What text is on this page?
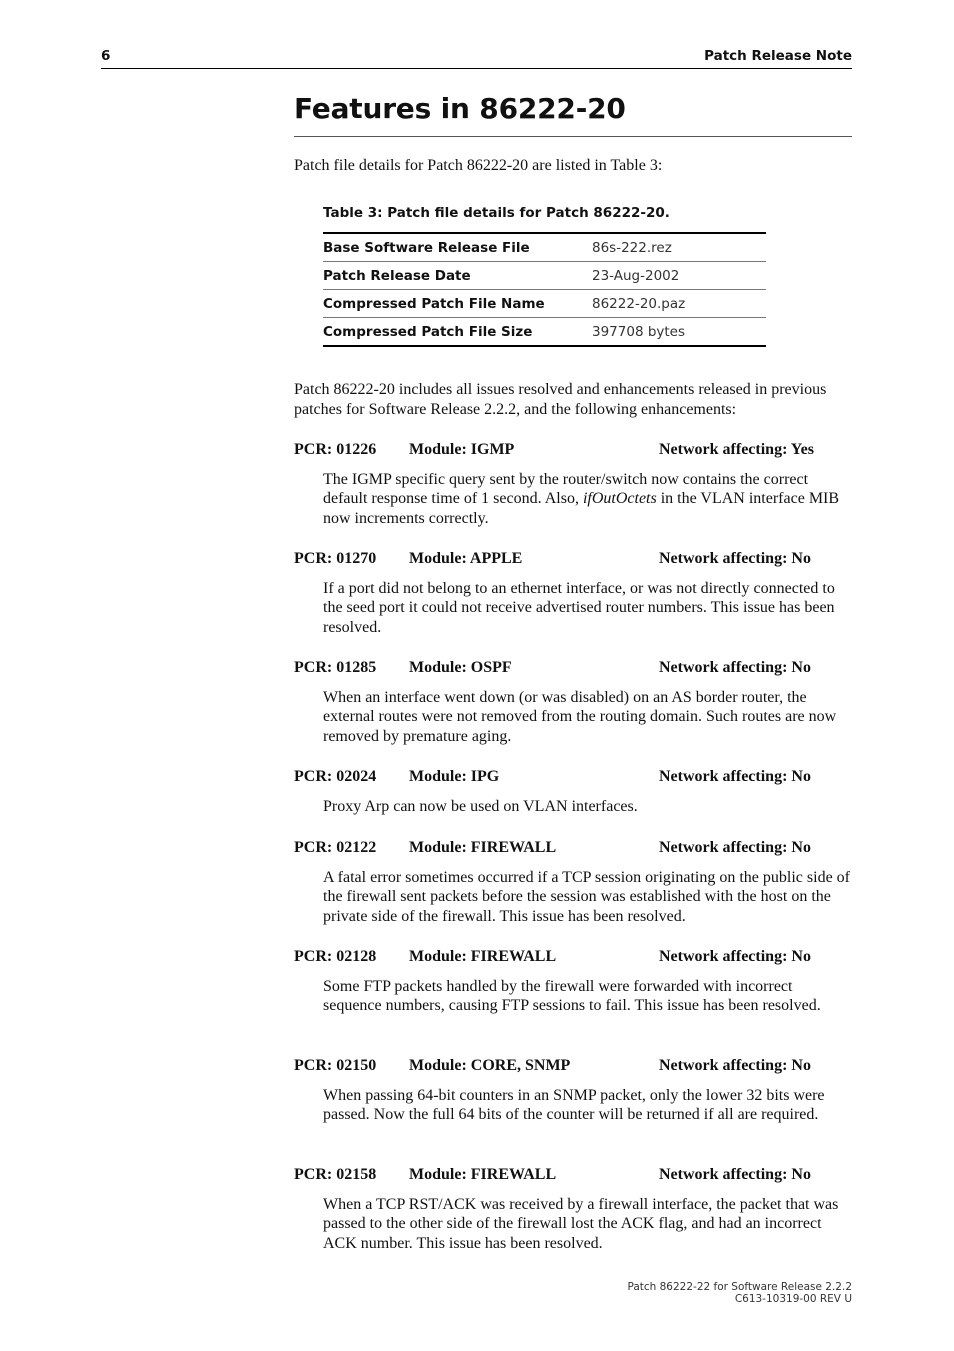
6	Patch Release Note
Features in 86222-20

Patch file details for Patch 86222-20 are listed in Table 3:

Table 3: Patch file details for Patch 86222-20.
Base Software Release File	86s-222.rez
Patch Release Date	23-Aug-2002
Compressed Patch File Name	86222-20.paz
Compressed Patch File Size	397708 bytes

Patch 86222-20 includes all issues resolved and enhancements released in previous patches for Software Release 2.2.2, and the following enhancements:

PCR: 01226 Module: IGMP	Network affecting: Yes

The IGMP specific query sent by the router/switch now contains the correct default response time of 1 second. Also, ifOutOctets in the VLAN interface MIB now increments correctly.

PCR: 01270 Module: APPLE	Network affecting: No

If a port did not belong to an ethernet interface, or was not directly connected to the seed port it could not receive advertised router numbers. This issue has been resolved.

PCR: 01285 Module: OSPF	Network affecting: No

When an interface went down (or was disabled) on an AS border router, the external routes were not removed from the routing domain. Such routes are now removed by premature aging.

PCR: 02024 Module: IPG	Network affecting: No

Proxy Arp can now be used on VLAN interfaces.

PCR: 02122 Module: FIREWALL	Network affecting: No

A fatal error sometimes occurred if a TCP session originating on the public side of the firewall sent packets before the session was established with the host on the private side of the firewall. This issue has been resolved.

PCR: 02128 Module: FIREWALL	Network affecting: No

Some FTP packets handled by the firewall were forwarded with incorrect sequence numbers, causing FTP sessions to fail. This issue has been resolved.

PCR: 02150 Module: CORE, SNMP	Network affecting: No

When passing 64-bit counters in an SNMP packet, only the lower 32 bits were passed. Now the full 64 bits of the counter will be returned if all are required.

PCR: 02158 Module: FIREWALL	Network affecting: No

When a TCP RST/ACK was received by a firewall interface, the packet that was passed to the other side of the firewall lost the ACK flag, and had an incorrect ACK number. This issue has been resolved.

Patch 86222-22 for Software Release 2.2.2
C613-10319-00 REV U
